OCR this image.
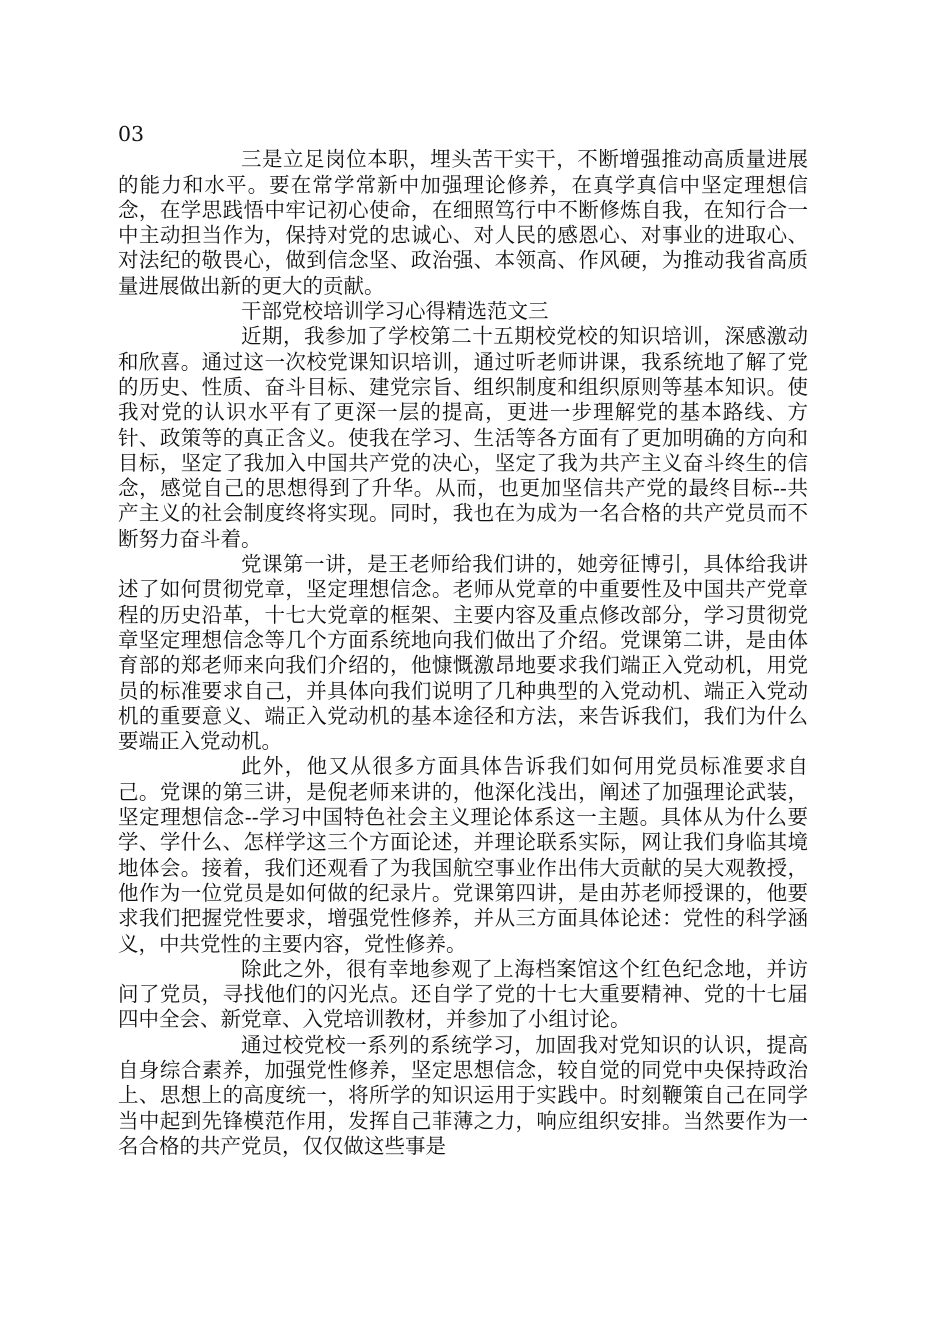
03

三是立足岗位本职，埋头苦干实干，不断增强推动高质量进展的能力和水平。要在常学常新中加强理论修养，在真学真信中坚定理想信念，在学思践悟中牢记初心使命，在细照笃行中不断修炼自我，在知行合一中主动担当作为，保持对党的忠诚心、对人民的感恩心、对事业的进取心、对法纪的敬畏心，做到信念坚、政治强、本领高、作风硬，为推动我省高质量进展做出新的更大的贡献。

干部党校培训学习心得精选范文三

近期，我参加了学校第二十五期校党校的知识培训，深感激动和欣喜。通过这一次校党课知识培训，通过听老师讲课，我系统地了解了党的历史、性质、奋斗目标、建党宗旨、组织制度和组织原则等基本知识。使我对党的认识水平有了更深一层的提高，更进一步理解党的基本路线、方针、政策等的真正含义。使我在学习、生活等各方面有了更加明确的方向和目标，坚定了我加入中国共产党的决心，坚定了我为共产主义奋斗终生的信念，感觉自己的思想得到了升华。从而，也更加坚信共产党的最终目标--共产主义的社会制度终将实现。同时，我也在为成为一名合格的共产党员而不断努力奋斗着。

党课第一讲，是王老师给我们讲的，她旁征博引，具体给我讲述了如何贯彻党章，坚定理想信念。老师从党章的中重要性及中国共产党章程的历史沿革，十七大党章的框架、主要内容及重点修改部分，学习贯彻党章坚定理想信念等几个方面系统地向我们做出了介绍。党课第二讲，是由体育部的郑老师来向我们介绍的，他慷慨激昂地要求我们端正入党动机，用党员的标准要求自己，并具体向我们说明了几种典型的入党动机、端正入党动机的重要意义、端正入党动机的基本途径和方法，来告诉我们，我们为什么要端正入党动机。

此外，他又从很多方面具体告诉我们如何用党员标准要求自己。党课的第三讲，是倪老师来讲的，他深化浅出，阐述了加强理论武装，坚定理想信念--学习中国特色社会主义理论体系这一主题。具体从为什么要学、学什么、怎样学这三个方面论述，并理论联系实际，网让我们身临其境地体会。接着，我们还观看了为我国航空事业作出伟大贡献的吴大观教授，他作为一位党员是如何做的纪录片。党课第四讲，是由苏老师授课的，他要求我们把握党性要求，增强党性修养，并从三方面具体论述：党性的科学涵义，中共党性的主要内容，党性修养。

除此之外，很有幸地参观了上海档案馆这个红色纪念地，并访问了党员，寻找他们的闪光点。还自学了党的十七大重要精神、党的十七届四中全会、新党章、入党培训教材，并参加了小组讨论。

通过校党校一系列的系统学习，加固我对党知识的认识，提高自身综合素养，加强党性修养，坚定思想信念，较自觉的同党中央保持政治上、思想上的高度统一，将所学的知识运用于实践中。时刻鞭策自己在同学当中起到先锋模范作用，发挥自己菲薄之力，响应组织安排。当然要作为一名合格的共产党员，仅仅做这些事是
